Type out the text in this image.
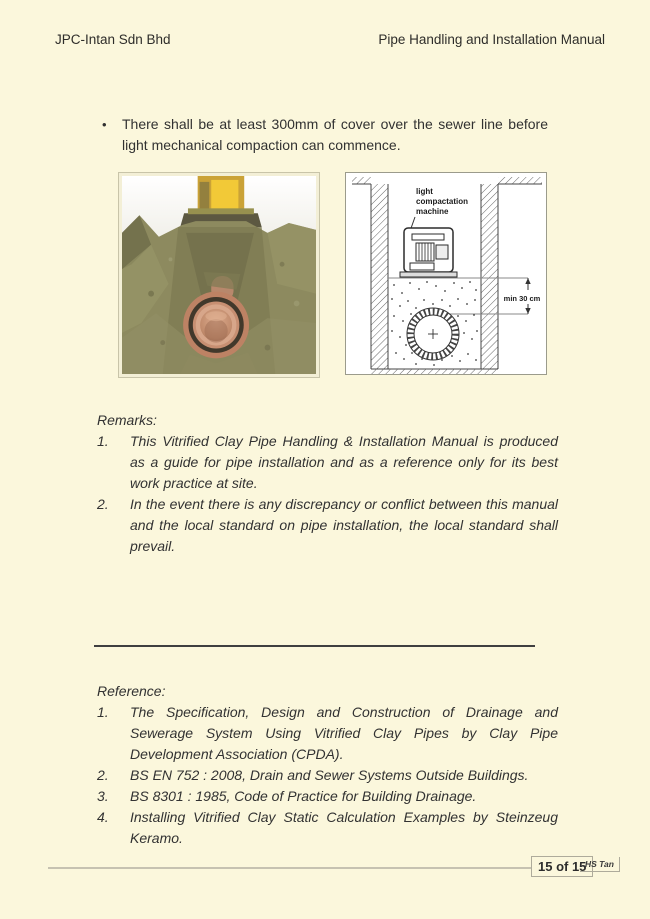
JPC-Intan Sdn Bhd	Pipe Handling and Installation Manual
•	There shall be at least 300mm of cover over the sewer line before light mechanical compaction can commence.
light
compactation
machine
min 30 cm
Remarks:
1.	This Vitrified Clay Pipe Handling & Installation Manual is produced as a guide for pipe installation and as a reference only for its best work practice at site.
2.	In the event there is any discrepancy or conflict between this manual and the local standard on pipe installation, the local standard shall prevail.
Reference:
1.	The Specification, Design and Construction of Drainage and Sewerage System Using Vitrified Clay Pipes by Clay Pipe Development Association (CPDA).
2.	BS EN 752 : 2008, Drain and Sewer Systems Outside Buildings.
3.	BS 8301 : 1985, Code of Practice for Building Drainage.
4.	Installing Vitrified Clay Static Calculation Examples by Steinzeug Keramo.
15 of 15
HS Tan
